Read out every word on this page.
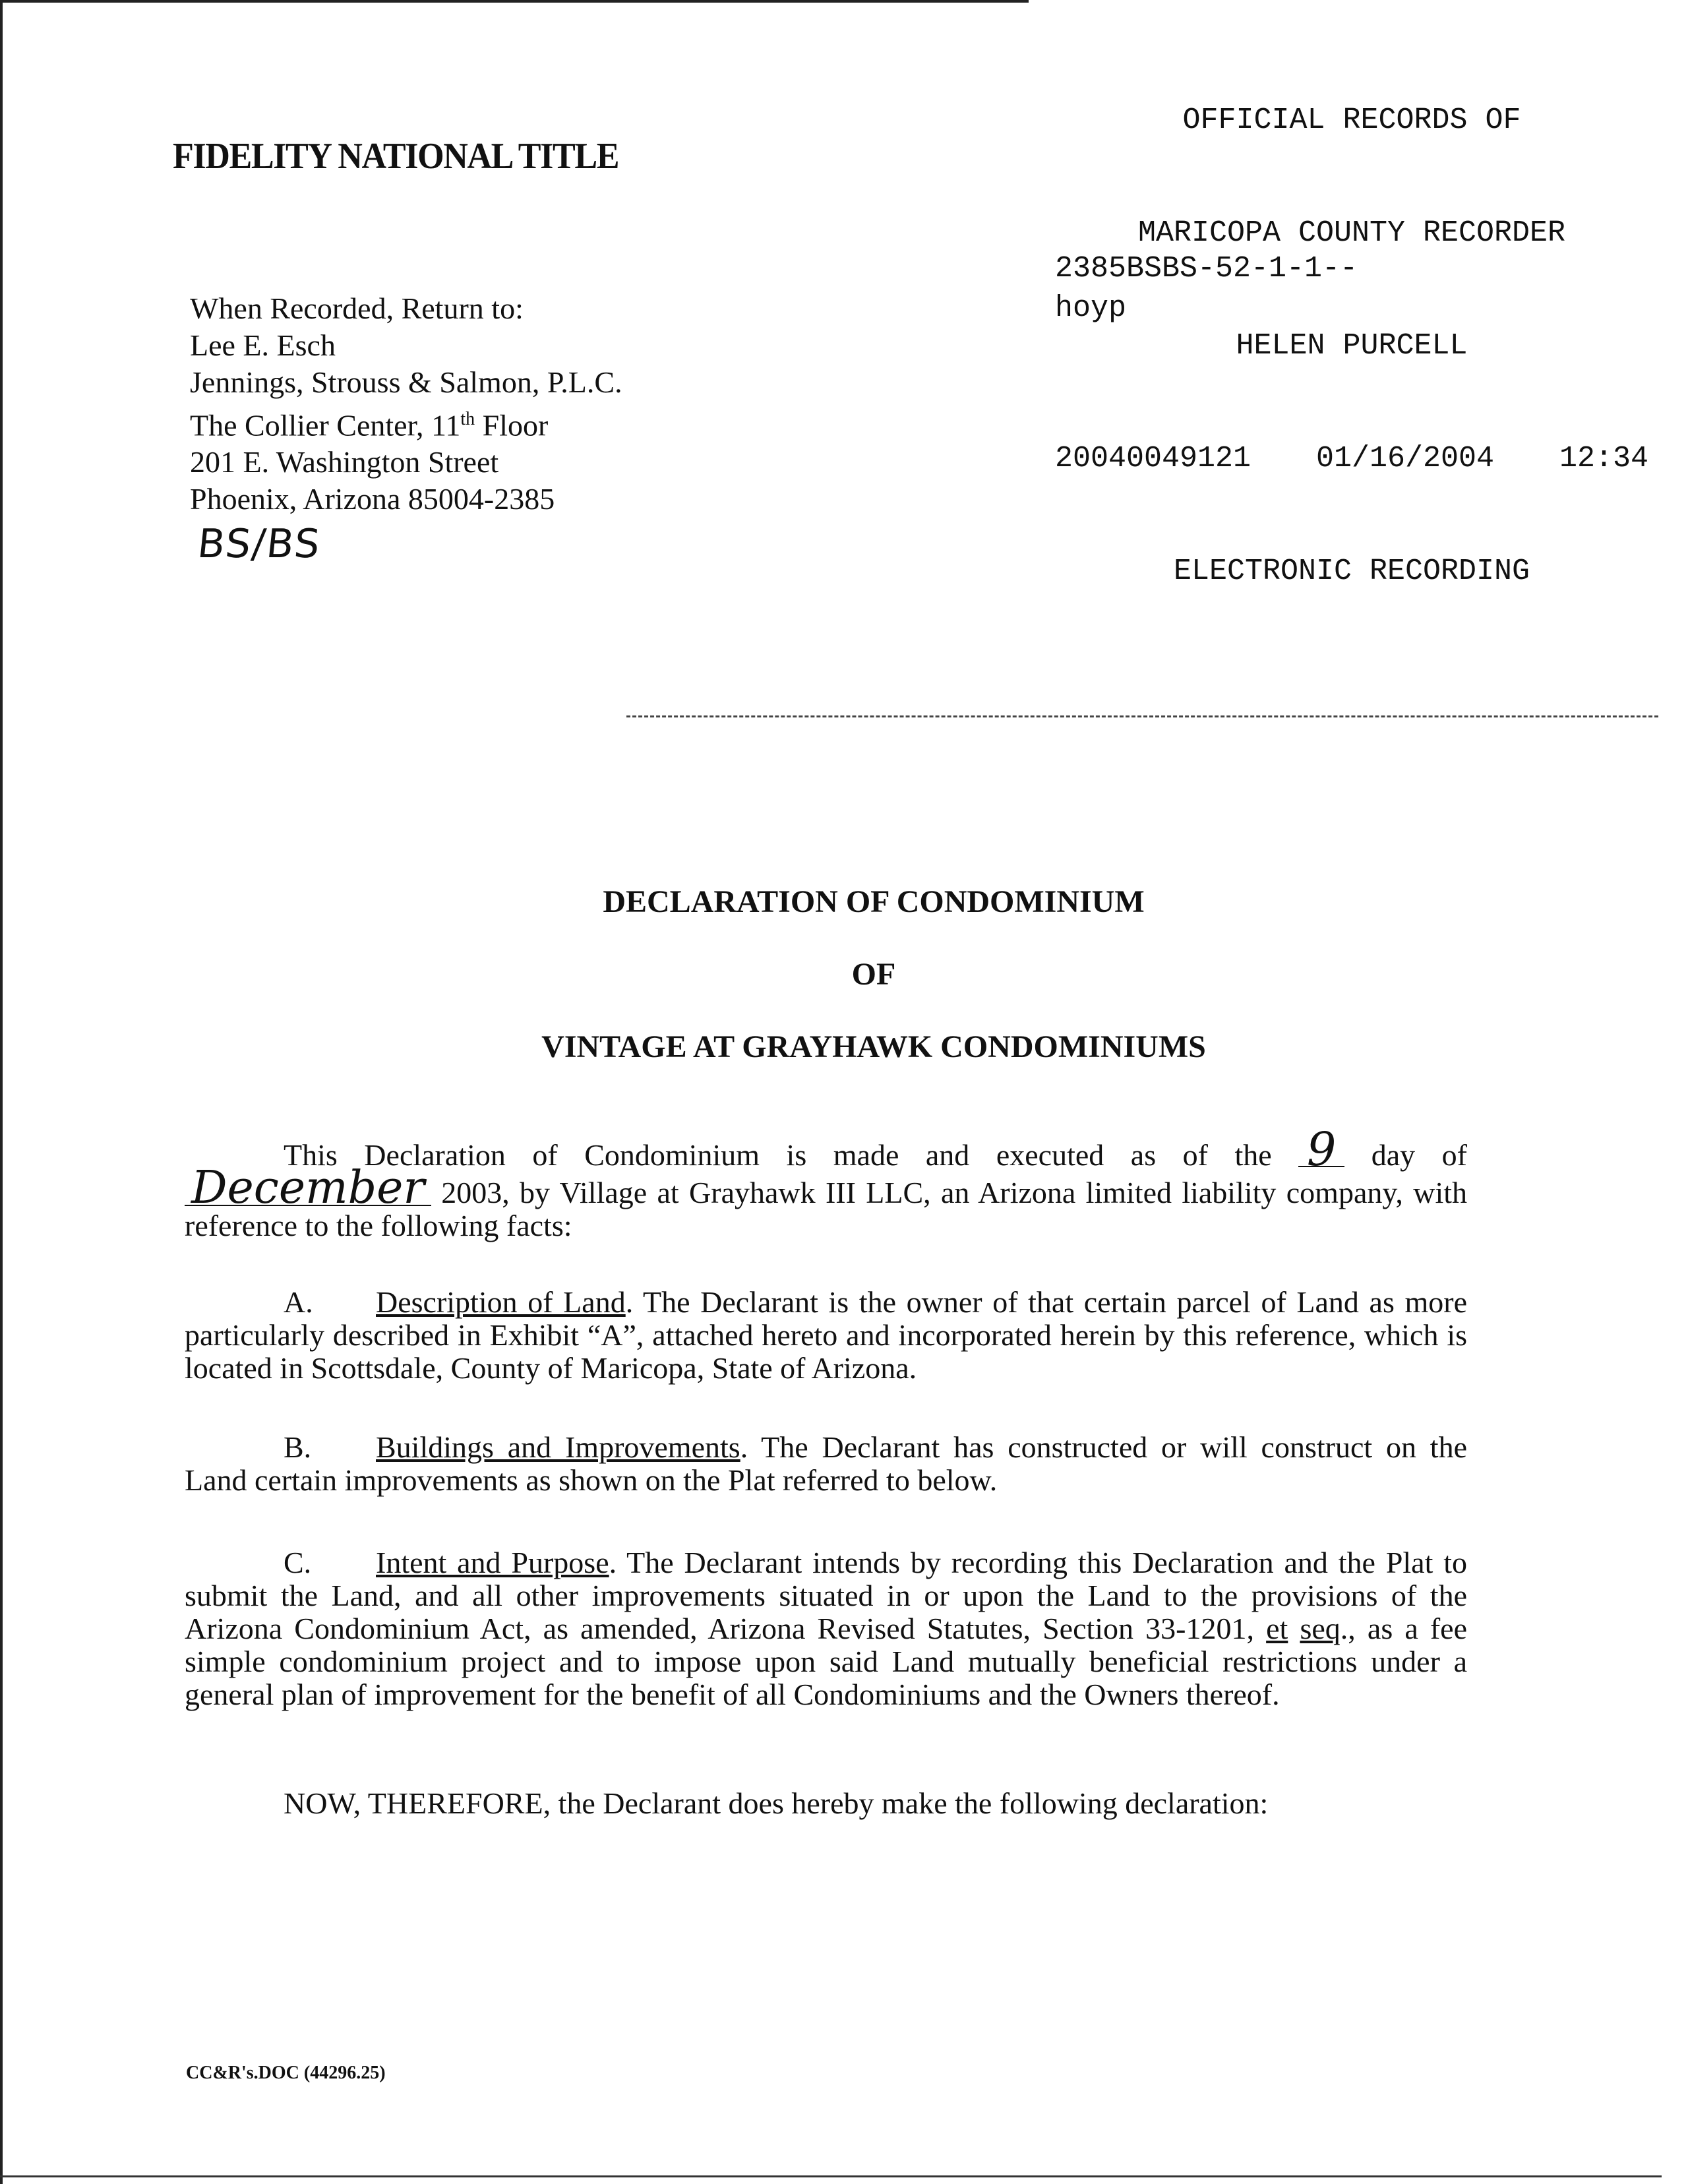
FIDELITY NATIONAL TITLE

OFFICIAL RECORDS OF

MARICOPA COUNTY RECORDER

HELEN PURCELL

20040049121 01/16/2004 12:34

ELECTRONIC RECORDING

2385BSBS-52-1-1--
hoyp
When Recorded, Return to:
Lee E. Esch
Jennings, Strouss & Salmon, P.L.C.
The Collier Center, 11th Floor
201 E. Washington Street
Phoenix, Arizona 85004-2385
BS/BS
DECLARATION OF CONDOMINIUM
OF
VINTAGE AT GRAYHAWK CONDOMINIUMS
This Declaration of Condominium is made and executed as of the 9 day of December 2003, by Village at Grayhawk III LLC, an Arizona limited liability company, with reference to the following facts:
A. Description of Land. The Declarant is the owner of that certain parcel of Land as more particularly described in Exhibit “A”, attached hereto and incorporated herein by this reference, which is located in Scottsdale, County of Maricopa, State of Arizona.
B. Buildings and Improvements. The Declarant has constructed or will construct on the Land certain improvements as shown on the Plat referred to below.
C. Intent and Purpose. The Declarant intends by recording this Declaration and the Plat to submit the Land, and all other improvements situated in or upon the Land to the provisions of the Arizona Condominium Act, as amended, Arizona Revised Statutes, Section 33-1201, et seq., as a fee simple condominium project and to impose upon said Land mutually beneficial restrictions under a general plan of improvement for the benefit of all Condominiums and the Owners thereof.
NOW, THEREFORE, the Declarant does hereby make the following declaration:
CC&R's.DOC (44296.25)
